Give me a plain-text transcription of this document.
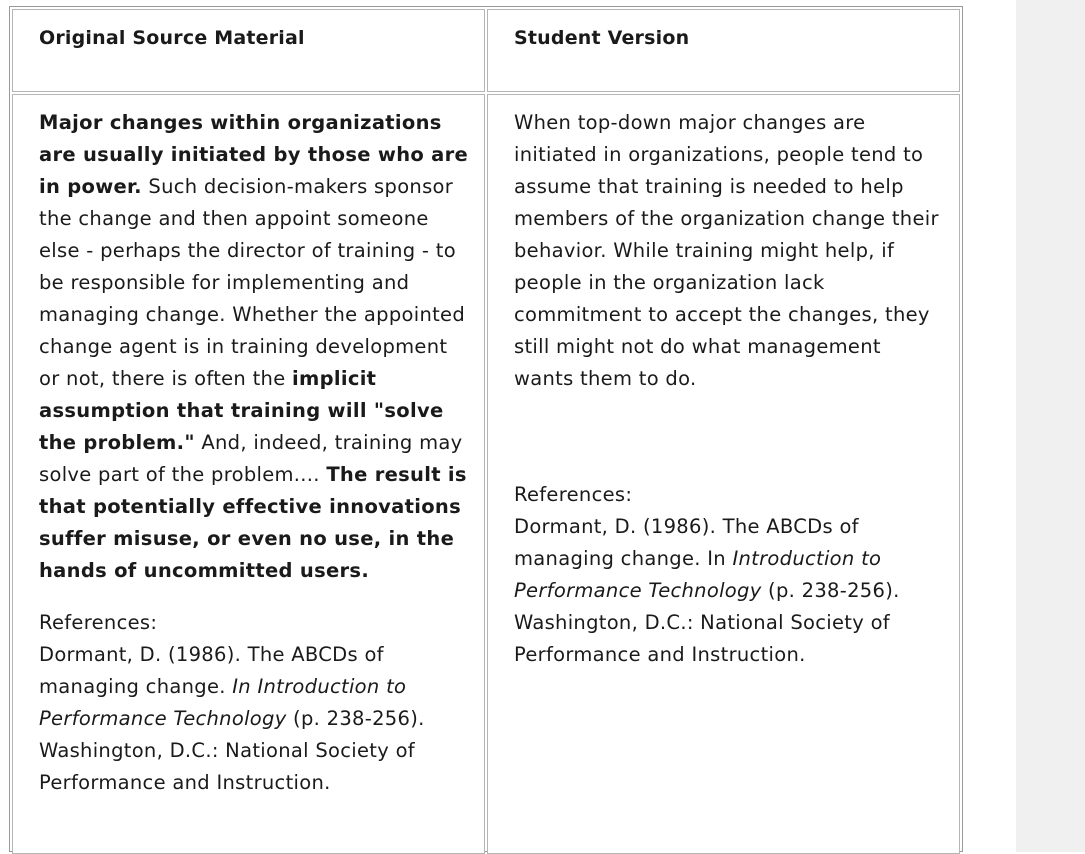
Original Source Material	Student Version

Major changes within organizations are usually initiated by those who are in power. Such decision-makers sponsor the change and then appoint someone else - perhaps the director of training - to be responsible for implementing and managing change. Whether the appointed change agent is in training development or not, there is often the implicit assumption that training will "solve the problem." And, indeed, training may solve part of the problem.... The result is that potentially effective innovations suffer misuse, or even no use, in the hands of uncommitted users.

References:

Dormant, D. (1986). The ABCDs of managing change. In Introduction to Performance Technology (p. 238-256). Washington, D.C.: National Society of Performance and Instruction.

When top-down major changes are initiated in organizations, people tend to assume that training is needed to help members of the organization change their behavior. While training might help, if people in the organization lack commitment to accept the changes, they still might not do what management wants them to do.

References:

Dormant, D. (1986). The ABCDs of managing change. In Introduction to Performance Technology (p. 238-256). Washington, D.C.: National Society of Performance and Instruction.
